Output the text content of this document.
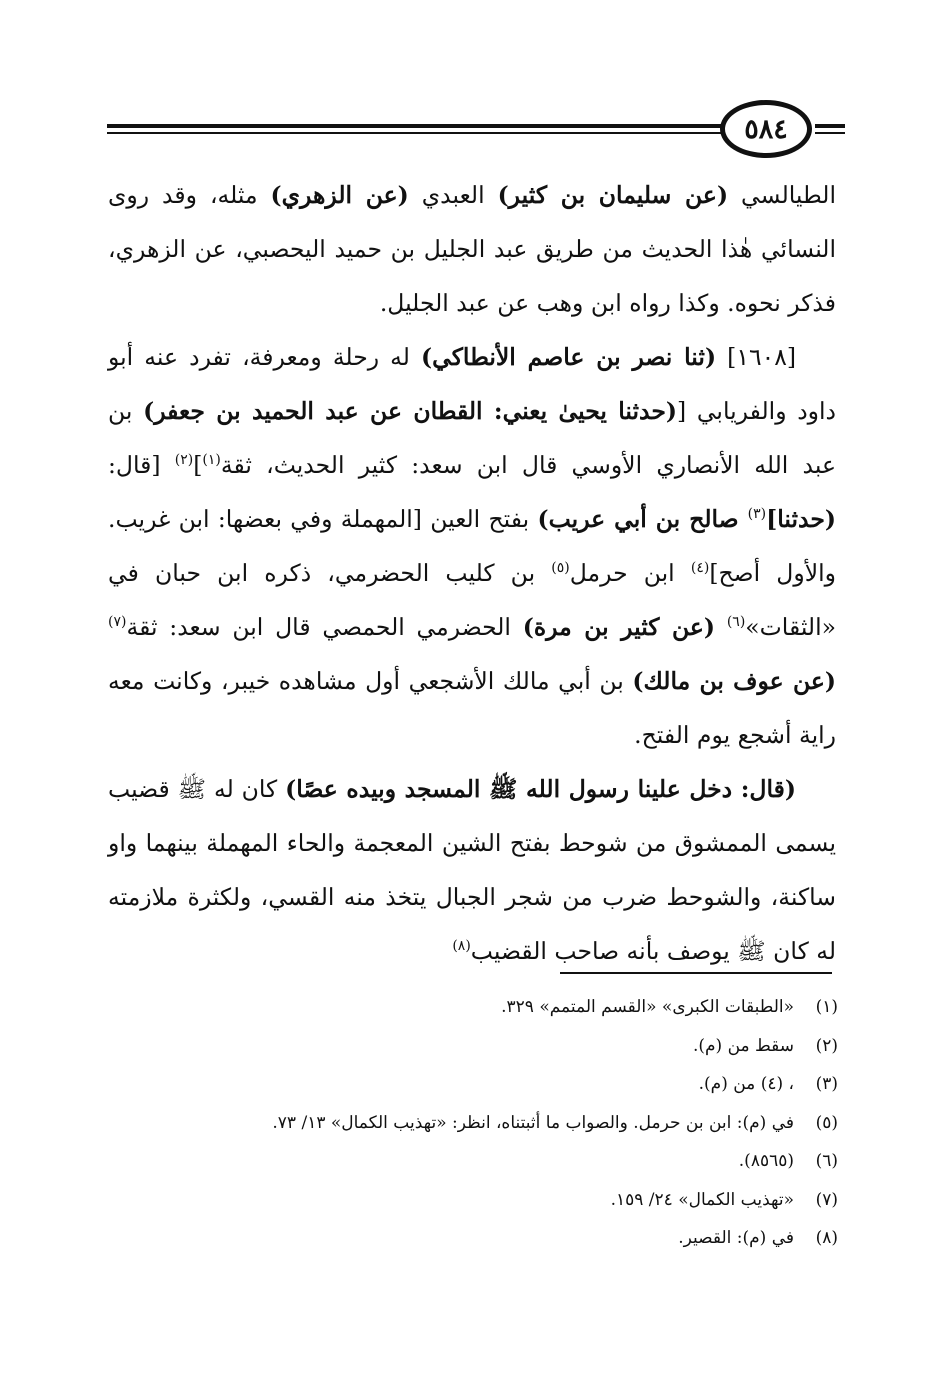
٥٨٤

الطيالسي (عن سليمان بن كثير) العبدي (عن الزهري) مثله، وقد روى النسائي هٰذا الحديث من طريق عبد الجليل بن حميد اليحصبي، عن الزهري، فذكر نحوه. وكذا رواه ابن وهب عن عبد الجليل.

[١٦٠٨] (ثنا نصر بن عاصم الأنطاكي) له رحلة ومعرفة، تفرد عنه أبو داود والفريابي [(حدثنا يحيىٰ يعني: القطان عن عبد الحميد بن جعفر) بن عبد الله الأنصاري الأوسي قال ابن سعد: كثير الحديث، ثقة$^{(١)}$]$^{(٢)}$ [قال: (حدثنا]$^{(٣)}$ صالح بن أبي عريب) بفتح العين [المهملة وفي بعضها: ابن غريب. والأول أصح]$^{(٤)}$ ابن حرمل$^{(٥)}$ بن كليب الحضرمي، ذكره ابن حبان في «الثقات»$^{(٦)}$ (عن كثير بن مرة) الحضرمي الحمصي قال ابن سعد: ثقة$^{(٧)}$ (عن عوف بن مالك) بن أبي مالك الأشجعي أول مشاهده خيبر، وكانت معه راية أشجع يوم الفتح.

(قال: دخل علينا رسول الله ﷺ المسجد وبيده عصًا) كان له ﷺ قضيب يسمى الممشوق من شوحط بفتح الشين المعجمة والحاء المهملة بينهما واو ساكنة، والشوحط ضرب من شجر الجبال يتخذ منه القسي، ولكثرة ملازمته له كان ﷺ يوصف بأنه صاحب القضيب$^{(٨)}$

(١)
«الطبقات الكبرى» «القسم المتمم» ٣٢٩.
(٢)
سقط من (م).
(٣)
، (٤) من (م).
(٥)
في (م): ابن بن حرمل. والصواب ما أثبتناه، انظر: «تهذيب الكمال» ١٣/ ٧٣.
(٦)
(٨٥٦٥).
(٧)
«تهذيب الكمال» ٢٤/ ١٥٩.
(٨)
في (م): القصير.
